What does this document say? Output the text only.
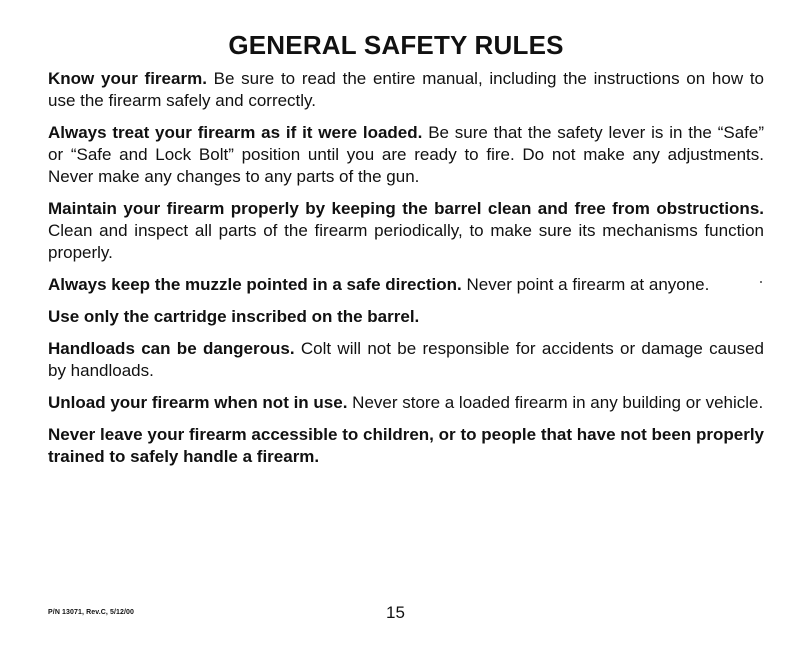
GENERAL SAFETY RULES

Know your firearm. Be sure to read the entire manual, including the instructions on how to use the firearm safely and correctly.

Always treat your firearm as if it were loaded. Be sure that the safety lever is in the “Safe” or “Safe and Lock Bolt” position until you are ready to fire. Do not make any adjustments. Never make any changes to any parts of the gun.

Maintain your firearm properly by keeping the barrel clean and free from obstructions. Clean and inspect all parts of the firearm periodically, to make sure its mechanisms function properly.

Always keep the muzzle pointed in a safe direction. Never point a firearm at anyone.

Use only the cartridge inscribed on the barrel.

Handloads can be dangerous. Colt will not be responsible for accidents or damage caused by handloads.

Unload your firearm when not in use. Never store a loaded firearm in any building or vehicle.

Never leave your firearm accessible to children, or to people that have not been properly trained to safely handle a firearm.

P/N 13071, Rev.C, 5/12/00	15
